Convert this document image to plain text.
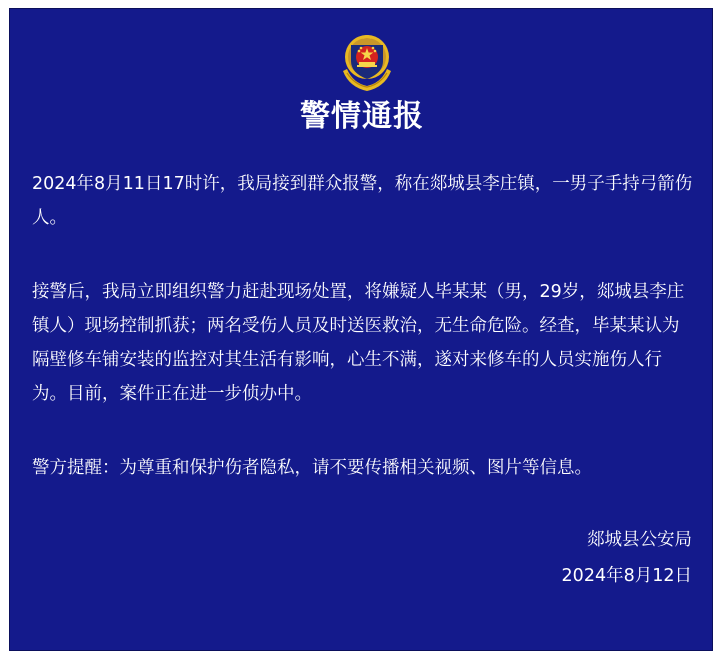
警情通报

2024年8月11日17时许，我局接到群众报警，称在郯城县李庄镇，一男子手持弓箭伤人。

接警后，我局立即组织警力赶赴现场处置，将嫌疑人毕某某（男，29岁，郯城县李庄镇人）现场控制抓获；两名受伤人员及时送医救治，无生命危险。经查，毕某某认为隔壁修车铺安装的监控对其生活有影响，心生不满，遂对来修车的人员实施伤人行为。目前，案件正在进一步侦办中。

警方提醒：为尊重和保护伤者隐私，请不要传播相关视频、图片等信息。

郯城县公安局
2024年8月12日
